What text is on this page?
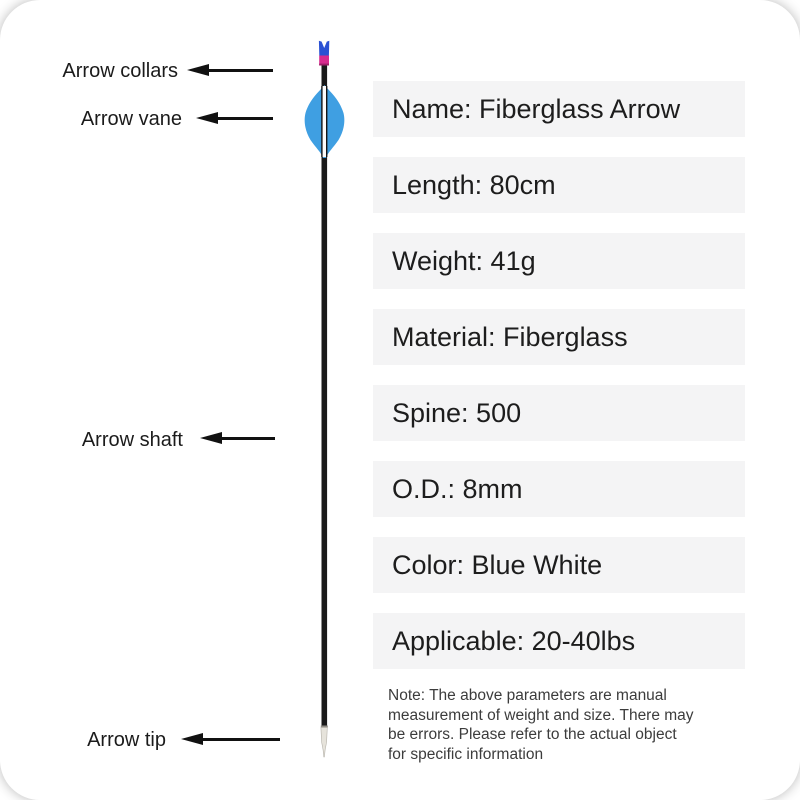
Arrow collars
Arrow vane
Arrow shaft
Arrow tip
Name: Fiberglass Arrow
Length: 80cm
Weight: 41g
Material: Fiberglass
Spine: 500
O.D.: 8mm
Color: Blue White
Applicable: 20-40lbs
Note: The above parameters are manual
measurement of weight and size. There may
be errors. Please refer to the actual object
for specific information
